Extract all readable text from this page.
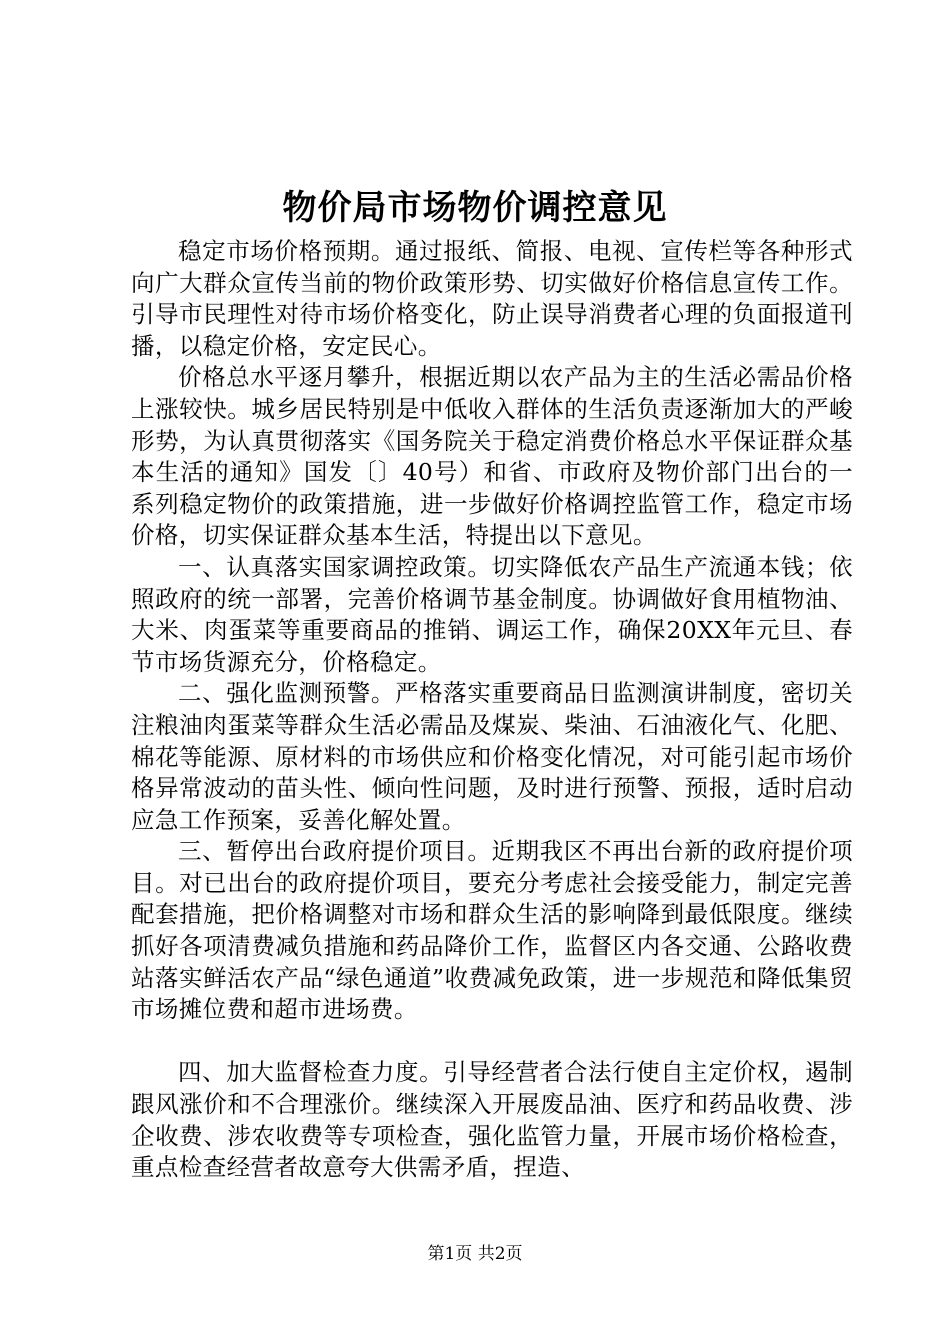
物价局市场物价调控意见

稳定市场价格预期。通过报纸、简报、电视、宣传栏等各种形式向广大群众宣传当前的物价政策形势、切实做好价格信息宣传工作。引导市民理性对待市场价格变化，防止误导消费者心理的负面报道刊播，以稳定价格，安定民心。

价格总水平逐月攀升，根据近期以农产品为主的生活必需品价格上涨较快。城乡居民特别是中低收入群体的生活负责逐渐加大的严峻形势，为认真贯彻落实《国务院关于稳定消费价格总水平保证群众基本生活的通知》国发〔〕40号）和省、市政府及物价部门出台的一系列稳定物价的政策措施，进一步做好价格调控监管工作，稳定市场价格，切实保证群众基本生活，特提出以下意见。

一、认真落实国家调控政策。切实降低农产品生产流通本钱；依照政府的统一部署，完善价格调节基金制度。协调做好食用植物油、大米、肉蛋菜等重要商品的推销、调运工作，确保20XX年元旦、春节市场货源充分，价格稳定。

二、强化监测预警。严格落实重要商品日监测演讲制度，密切关注粮油肉蛋菜等群众生活必需品及煤炭、柴油、石油液化气、化肥、棉花等能源、原材料的市场供应和价格变化情况，对可能引起市场价格异常波动的苗头性、倾向性问题，及时进行预警、预报，适时启动应急工作预案，妥善化解处置。

三、暂停出台政府提价项目。近期我区不再出台新的政府提价项目。对已出台的政府提价项目，要充分考虑社会接受能力，制定完善配套措施，把价格调整对市场和群众生活的影响降到最低限度。继续抓好各项清费减负措施和药品降价工作，监督区内各交通、公路收费站落实鲜活农产品“绿色通道”收费减免政策，进一步规范和降低集贸市场摊位费和超市进场费。

四、加大监督检查力度。引导经营者合法行使自主定价权，遏制跟风涨价和不合理涨价。继续深入开展废品油、医疗和药品收费、涉企收费、涉农收费等专项检查，强化监管力量，开展市场价格检查，重点检查经营者故意夸大供需矛盾，捏造、

第1页 共2页
